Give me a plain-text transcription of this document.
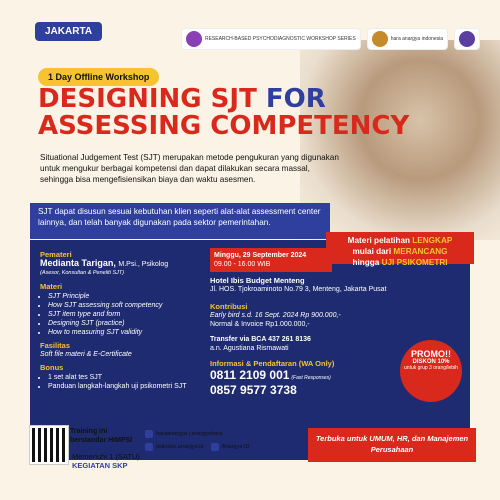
JAKARTA
RESEARCH-BASED PSYCHODIAGNOSTIC WORKSHOP SERIES	hara anargya indonesia
1 Day Offline Workshop
DESIGNING SJT FOR
ASSESSING COMPETENCY
Situational Judgement Test (SJT) merupakan metode pengukuran yang digunakan untuk mengukur berbagai kompetensi dan dapat dilakukan secara massal, sehingga bisa mengefisiensikan biaya dan waktu asesmen.
SJT dapat disusun sesuai kebutuhan klien seperti alat-alat assessment center lainnya, dan telah banyak digunakan pada sektor pemerintahan.
Pemateri
Medianta Tarigan, M.Psi., Psikolog
(Asesor, Konsultan & Peneliti SJT)
Materi
• SJT Principle
• How SJT assessing soft competency
• SJT item type and form
• Designing SJT (practice)
• How to measuring SJT validity
Fasilitas
Soft file materi & E-Certificate
Bonus
• 1 set alat tes SJT
• Panduan langkah-langkah uji psikometri SJT
Minggu, 29 September 2024
09.00 - 16.00 WIB
Materi pelatihan LENGKAP
mulai dari MERANCANG
hingga UJI PSIKOMETRI
Hotel Ibis Budget Menteng
Jl. HOS. Tjokroaminoto No.79 3, Menteng, Jakarta Pusat
Kontribusi
Early bird s.d. 16 Sept. 2024 Rp 900.000,-
Normal & Invoice Rp1.000.000,-
Transfer via BCA 437 261 8136
a.n. Agustiana Rismawati
Informasi & Pendaftaran (WA Only)
0811 2109 001 (Fast Responses)
0857 9577 3738
PROMO!!
DISKON 10%
untuk grup 3 orang/lebih
Training ini
berstandar HIMPSI
Memenuhi 1 (SATU)
KEGIATAN SKP
haraanargya | anargyahara
psikotes.anargya.id	Anargya ID
Terbuka untuk UMUM, HR, dan Manajemen Perusahaan
